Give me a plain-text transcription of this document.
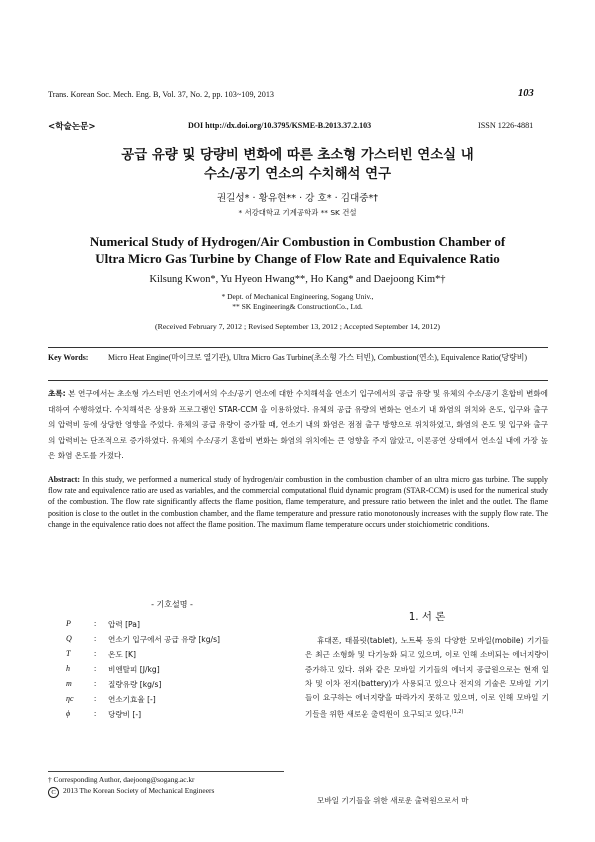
Trans. Korean Soc. Mech. Eng. B, Vol. 37, No. 2, pp. 103~109, 2013	103
<학술논문>	DOI http://dx.doi.org/10.3795/KSME-B.2013.37.2.103	ISSN 1226-4881
공급 유량 및 당량비 변화에 따른 초소형 가스터빈 연소실 내
수소/공기 연소의 수치해석 연구
권길성* · 황유현** · 강 호* · 김대중*†
* 서강대학교 기계공학과 ** SK 건설
Numerical Study of Hydrogen/Air Combustion in Combustion Chamber of
Ultra Micro Gas Turbine by Change of Flow Rate and Equivalence Ratio
Kilsung Kwon*, Yu Hyeon Hwang**, Ho Kang* and Daejoong Kim*†
* Dept. of Mechanical Engineering, Sogang Univ.,
** SK Engineering& ConstructionCo., Ltd.
(Received February 7, 2012 ; Revised September 13, 2012 ; Accepted September 14, 2012)
Key Words: Micro Heat Engine(마이크로 열기관), Ultra Micro Gas Turbine(초소형 가스 터빈), Combustion(연소), Equivalence Ratio(당량비)
초록: 본 연구에서는 초소형 가스터빈 연소기에서의 수소/공기 연소에 대한 수치해석을 연소기 입구에서의 공급 유량 및 유체의 수소/공기 혼합비 변화에 대하여 수행하였다. 수치해석은 상용화 프로그램인 STAR-CCM 을 이용하였다. 유체의 공급 유량의 변화는 연소기 내 화염의 위치와 온도, 입구와 출구의 압력비 등에 상당한 영향을 주었다. 유체의 공급 유량이 증가할 때, 연소기 내의 화염은 점점 출구 방향으로 위치하였고, 화염의 온도 및 입구와 출구의 압력비는 단조적으로 증가하였다. 유체의 수소/공기 혼합비 변화는 화염의 위치에는 큰 영향을 주지 않았고, 이론공연 상태에서 연소실 내에 가장 높은 화염 온도를 가졌다.
Abstract: In this study, we performed a numerical study of hydrogen/air combustion in the combustion chamber of an ultra micro gas turbine. The supply flow rate and equivalence ratio are used as variables, and the commercial computational fluid dynamic program (STAR-CCM) is used for the numerical study of the combustion. The flow rate significantly affects the flame position, flame temperature, and pressure ratio between the inlet and the outlet. The flame position is close to the outlet in the combustion chamber, and the flame temperature and pressure ratio monotonously increases with the supply flow rate. The change in the equivalence ratio does not affect the flame position. The maximum flame temperature occurs under stoichiometric conditions.
- 기호설명 -
P	: 압력 [Pa]
Q	: 연소기 입구에서 공급 유량 [kg/s]
T	: 온도 [K]
h	: 비엔탈피 [J/kg]
m	: 질량유량 [kg/s]
ηc	: 연소기효율 [-]
ϕ	: 당량비 [-]
† Corresponding Author, daejoong@sogang.ac.kr
C 2013 The Korean Society of Mechanical Engineers
1. 서 론
휴대폰, 태블릿(tablet), 노트북 등의 다양한 모바일(mobile) 기기들은 최근 소형화 및 다기능화 되고 있으며, 이로 인해 소비되는 에너지량이 증가하고 있다. 위와 같은 모바일 기기들의 에너지 공급원으로는 현재 일차 및 이차 전지(battery)가 사용되고 있으나 전지의 기술은 모바일 기기들이 요구하는 에너지량을 따라가지 못하고 있으며, 이로 인해 모바일 기기들을 위한 새로운 출력원이 요구되고 있다.$^{(1,2)}$
모바일 기기들을 위한 새로운 출력원으로서 마
